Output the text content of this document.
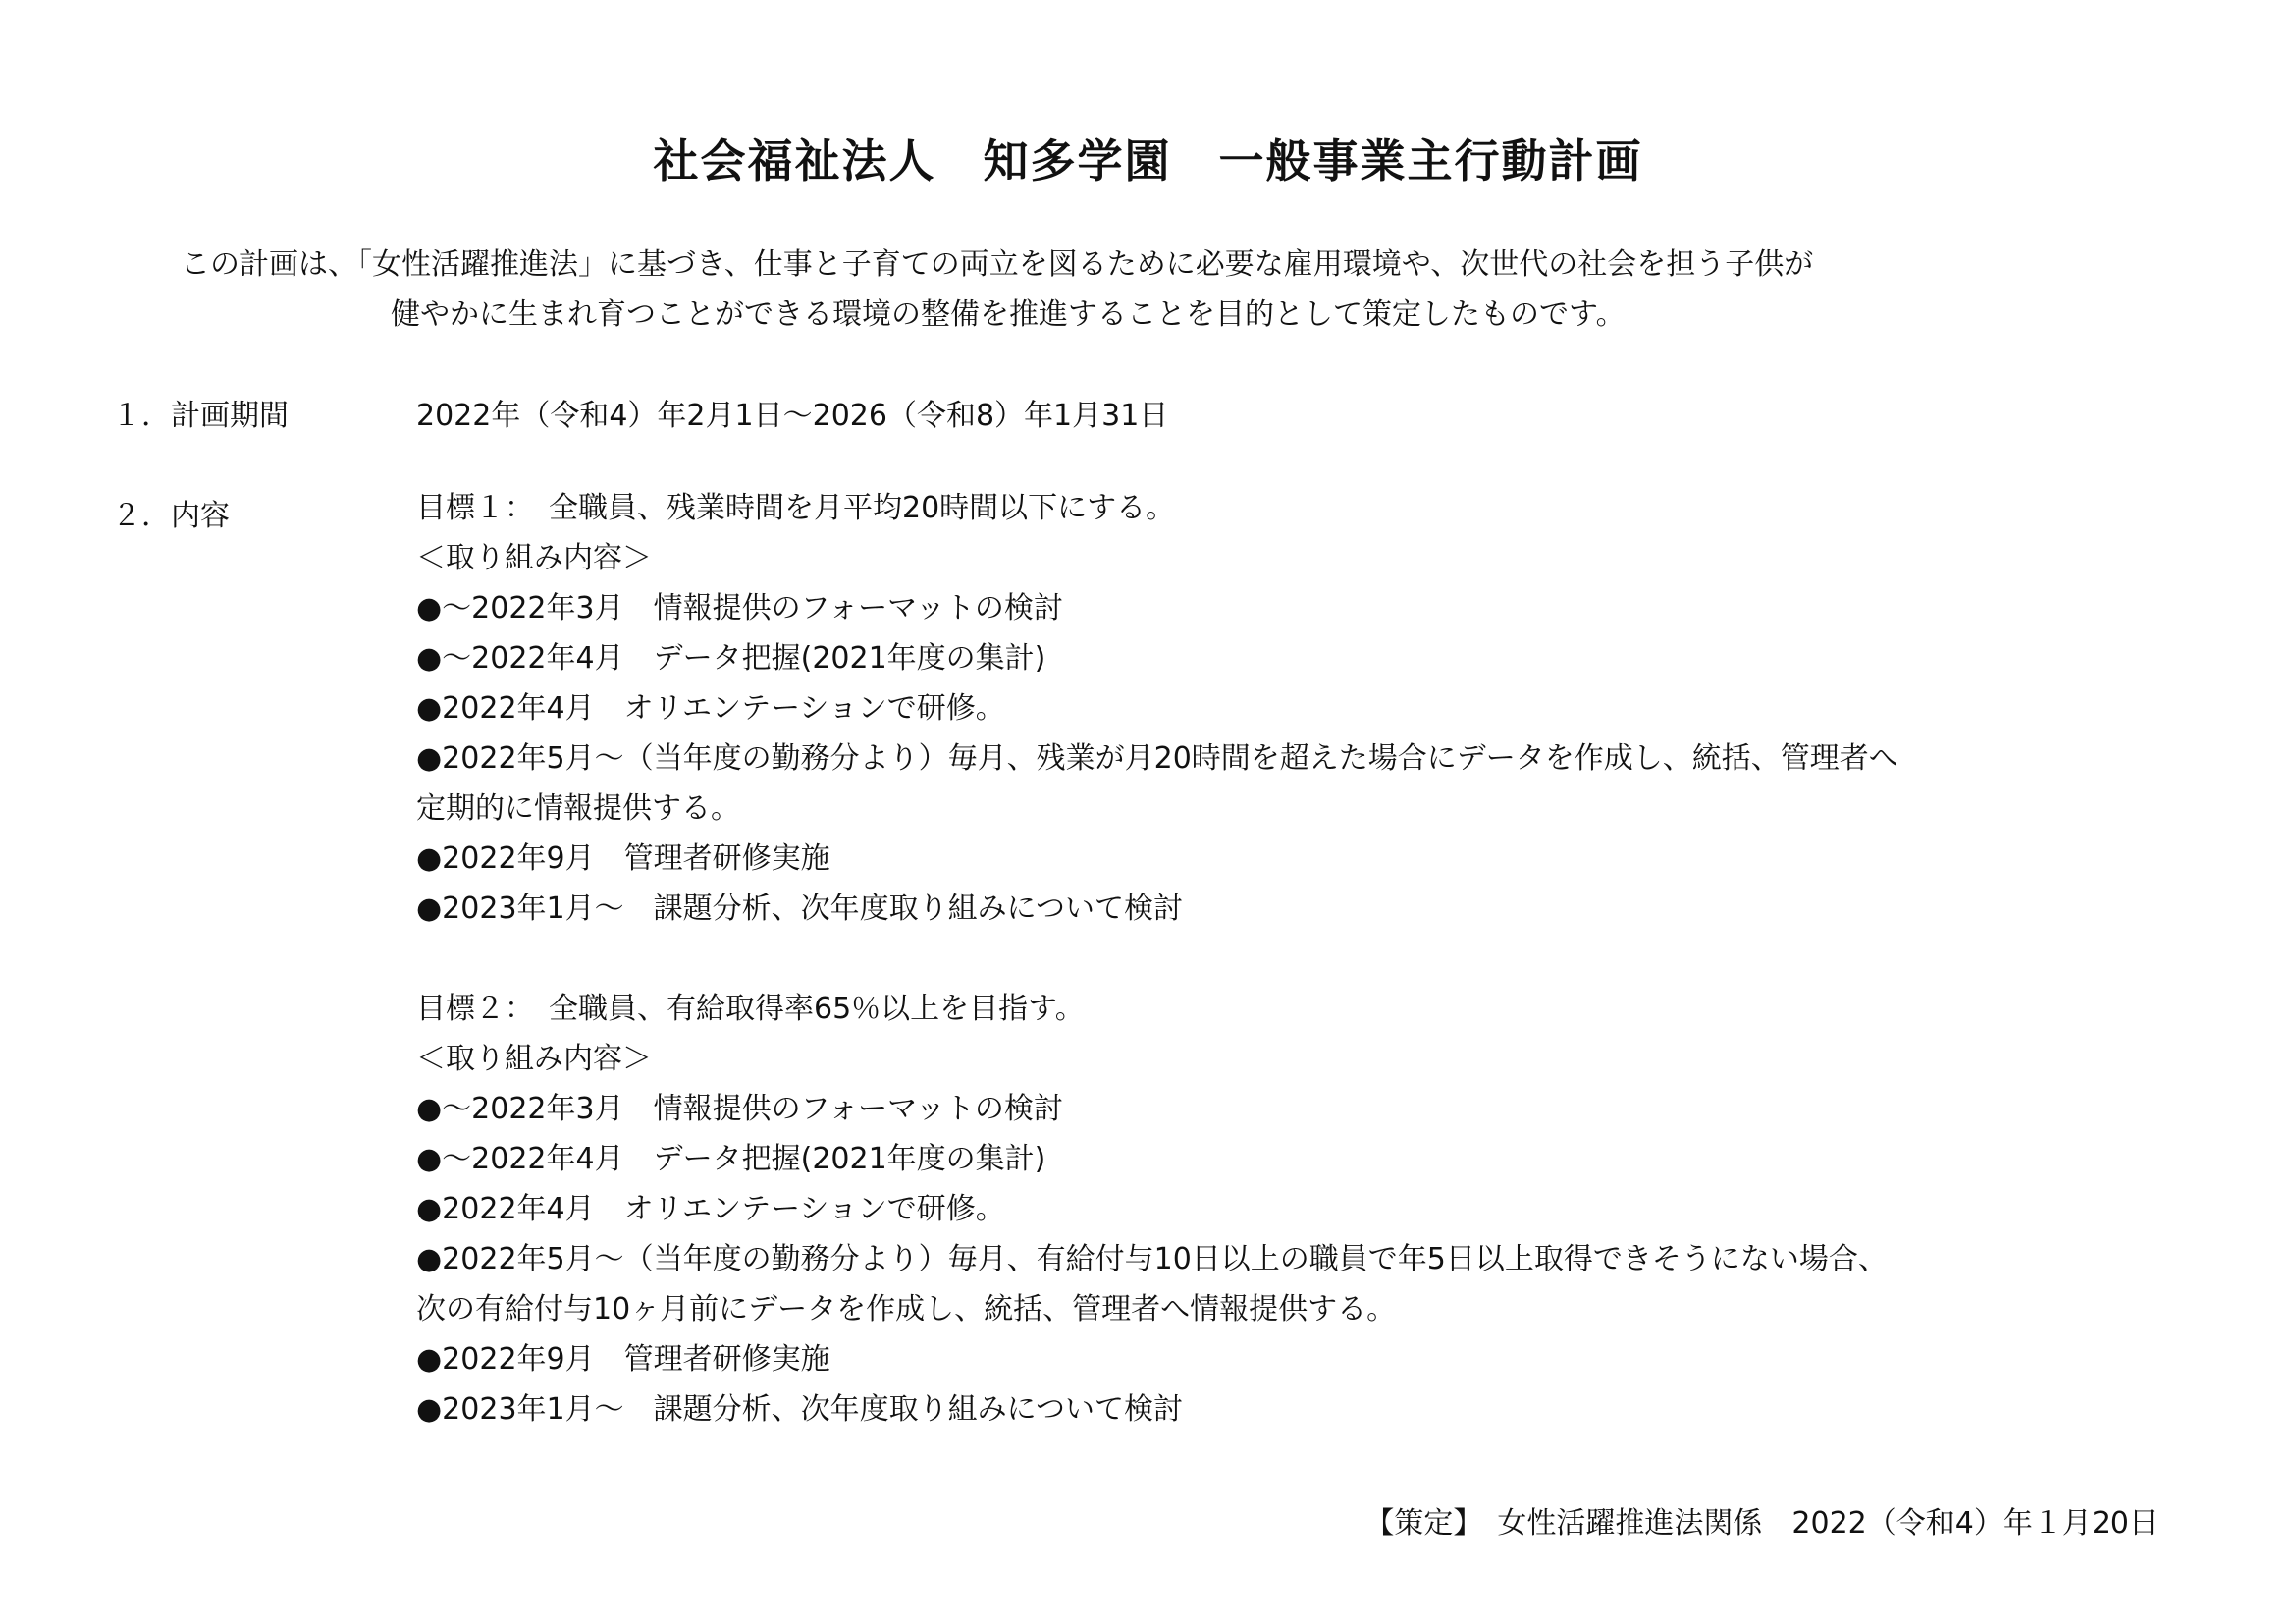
社会福祉法人　知多学園　一般事業主行動計画
この計画は、「女性活躍推進法」に基づき、仕事と子育ての両立を図るために必要な雇用環境や、次世代の社会を担う子供が
健やかに生まれ育つことができる環境の整備を推進することを目的として策定したものです。
１．計画期間	2022年（令和4）年2月1日～2026（令和8）年1月31日
２．内容	目標１：　全職員、残業時間を月平均20時間以下にする。
＜取り組み内容＞
●～2022年3月　情報提供のフォーマットの検討
●～2022年4月　データ把握(2021年度の集計)
●2022年4月　オリエンテーションで研修。
●2022年5月～（当年度の勤務分より）毎月、残業が月20時間を超えた場合にデータを作成し、統括、管理者へ
定期的に情報提供する。
●2022年9月　管理者研修実施
●2023年1月～　課題分析、次年度取り組みについて検討
目標２：　全職員、有給取得率65％以上を目指す。
＜取り組み内容＞
●～2022年3月　情報提供のフォーマットの検討
●～2022年4月　データ把握(2021年度の集計)
●2022年4月　オリエンテーションで研修。
●2022年5月～（当年度の勤務分より）毎月、有給付与10日以上の職員で年5日以上取得できそうにない場合、
次の有給付与10ヶ月前にデータを作成し、統括、管理者へ情報提供する。
●2022年9月　管理者研修実施
●2023年1月～　課題分析、次年度取り組みについて検討
【策定】　女性活躍推進法関係　2022（令和4）年１月20日
